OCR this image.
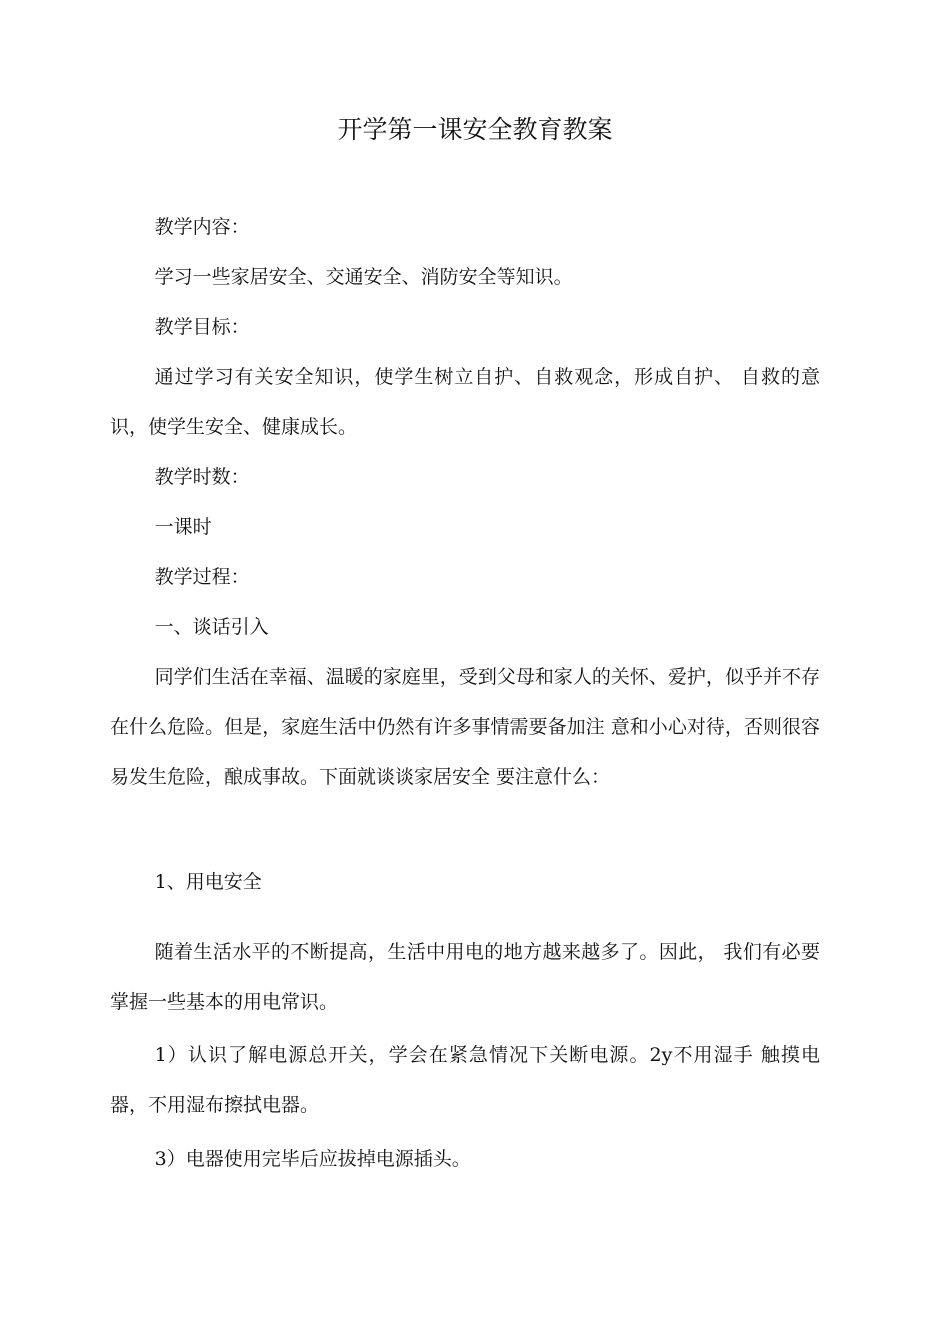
开学第一课安全教育教案

教学内容：

学习一些家居安全、交通安全、消防安全等知识。

教学目标：

通过学习有关安全知识，使学生树立自护、自救观念，形成自护、 自救的意识，使学生安全、健康成长。

教学时数：

一课时

教学过程：

一、谈话引入

同学们生活在幸福、温暖的家庭里，受到父母和家人的关怀、爱护，似乎并不存在什么危险。但是，家庭生活中仍然有许多事情需要备加注 意和小心对待，否则很容易发生危险，酿成事故。下面就谈谈家居安全 要注意什么：

1、用电安全

随着生活水平的不断提高，生活中用电的地方越来越多了。因此， 我们有必要掌握一些基本的用电常识。

1）认识了解电源总开关，学会在紧急情况下关断电源。2y不用湿手 触摸电器，不用湿布擦拭电器。

3）电器使用完毕后应拔掉电源插头。
